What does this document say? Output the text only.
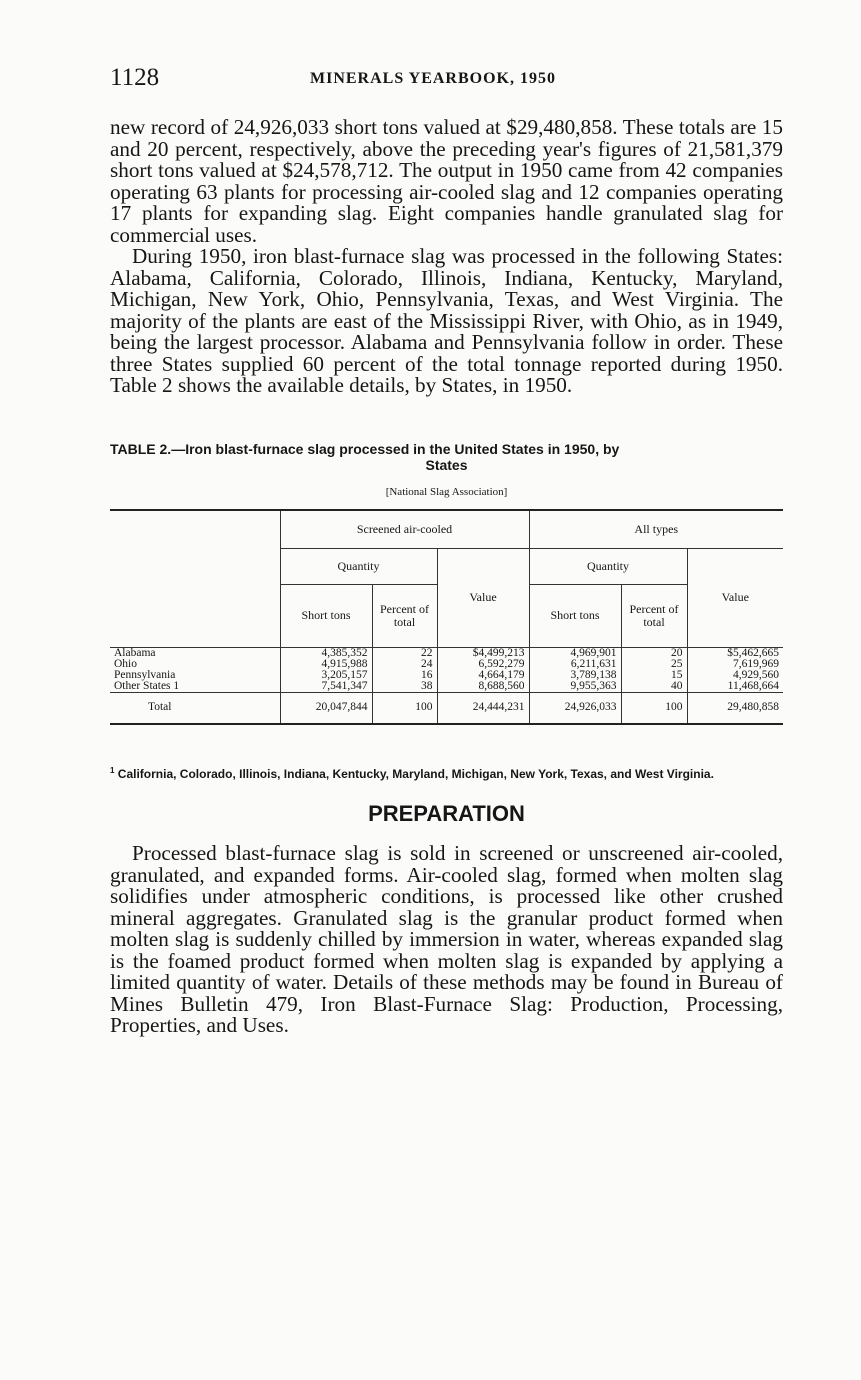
1128	MINERALS YEARBOOK, 1950

new record of 24,926,033 short tons valued at $29,480,858. These totals are 15 and 20 percent, respectively, above the preceding year's figures of 21,581,379 short tons valued at $24,578,712. The output in 1950 came from 42 companies operating 63 plants for processing air-cooled slag and 12 companies operating 17 plants for expanding slag. Eight companies handle granulated slag for commercial uses.

During 1950, iron blast-furnace slag was processed in the following States: Alabama, California, Colorado, Illinois, Indiana, Kentucky, Maryland, Michigan, New York, Ohio, Pennsylvania, Texas, and West Virginia. The majority of the plants are east of the Mississippi River, with Ohio, as in 1949, being the largest processor. Alabama and Pennsylvania follow in order. These three States supplied 60 percent of the total tonnage reported during 1950. Table 2 shows the available details, by States, in 1950.

TABLE 2.—Iron blast-furnace slag processed in the United States in 1950, by
States
[National Slag Association]
	Screened air-cooled			All types		
	Quantity		Value	Quantity		Value
	Short tons	Percent of total		Short tons	Percent of total	
Alabama	4,385,352	22	$4,499,213	4,969,901	20	$5,462,665
Ohio	4,915,988	24	6,592,279	6,211,631	25	7,619,969
Pennsylvania	3,205,157	16	4,664,179	3,789,138	15	4,929,560
Other States 1	7,541,347	38	8,688,560	9,955,363	40	11,468,664
Total	20,047,844	100	24,444,231	24,926,033	100	29,480,858
$^1$ California, Colorado, Illinois, Indiana, Kentucky, Maryland, Michigan, New York, Texas, and West Virginia.
PREPARATION

Processed blast-furnace slag is sold in screened or unscreened air-cooled, granulated, and expanded forms. Air-cooled slag, formed when molten slag solidifies under atmospheric conditions, is processed like other crushed mineral aggregates. Granulated slag is the granular product formed when molten slag is suddenly chilled by immersion in water, whereas expanded slag is the foamed product formed when molten slag is expanded by applying a limited quantity of water. Details of these methods may be found in Bureau of Mines Bulletin 479, Iron Blast-Furnace Slag: Production, Processing, Properties, and Uses.
